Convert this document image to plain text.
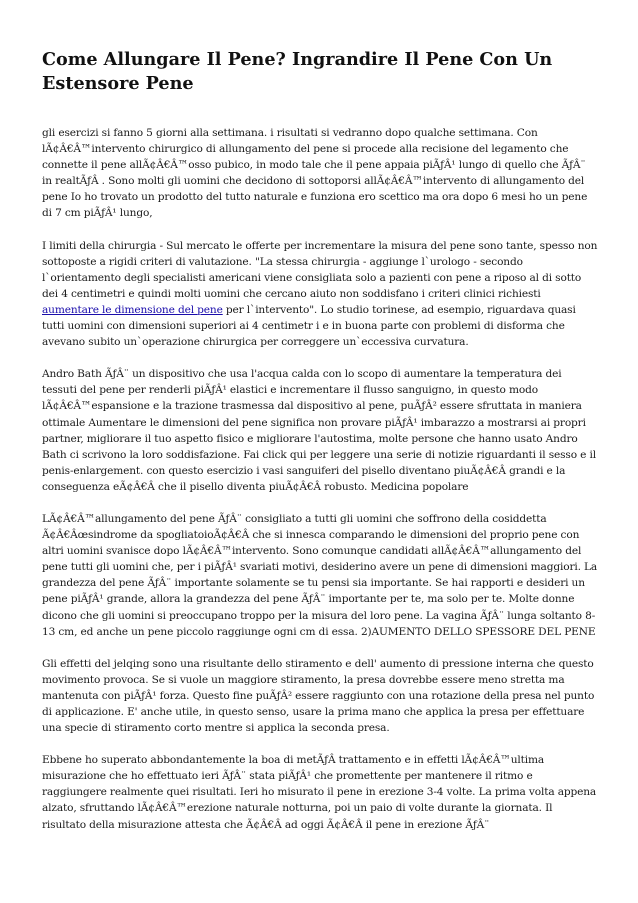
Come Allungare Il Pene? Ingrandire Il Pene Con Un Estensore Pene

gli esercizi si fanno 5 giorni alla settimana. i risultati si vedranno dopo qualche settimana. Con lÃ¢Â€Â™intervento chirurgico di allungamento del pene si procede alla recisione del legamento che connette il pene allÃ¢Â€Â™osso pubico, in modo tale che il pene appaia piÃƒÂ¹ lungo di quello che ÃƒÂ¨ in realtÃƒÂ . Sono molti gli uomini che decidono di sottoporsi allÃ¢Â€Â™intervento di allungamento del pene Io ho trovato un prodotto del tutto naturale e funziona ero scettico ma ora dopo 6 mesi ho un pene di 7 cm piÃƒÂ¹ lungo,

I limiti della chirurgia - Sul mercato le offerte per incrementare la misura del pene sono tante, spesso non sottoposte a rigidi criteri di valutazione. "La stessa chirurgia - aggiunge l`urologo - secondo l`orientamento degli specialisti americani viene consigliata solo a pazienti con pene a riposo al di sotto dei 4 centimetri e quindi molti uomini che cercano aiuto non soddisfano i criteri clinici richiesti aumentare le dimensione del pene per l`intervento". Lo studio torinese, ad esempio, riguardava quasi tutti uomini con dimensioni superiori ai 4 centimetr i e in buona parte con problemi di disforma che avevano subito un`operazione chirurgica per correggere un`eccessiva curvatura.

Andro Bath ÃƒÂ¨ un dispositivo che usa l'acqua calda con lo scopo di aumentare la temperatura dei tessuti del pene per renderli piÃƒÂ¹ elastici e incrementare il flusso sanguigno, in questo modo lÃ¢Â€Â™espansione e la trazione trasmessa dal dispositivo al pene, puÃƒÂ² essere sfruttata in maniera ottimale Aumentare le dimensioni del pene significa non provare piÃƒÂ¹ imbarazzo a mostrarsi ai propri partner, migliorare il tuo aspetto fisico e migliorare l'autostima, molte persone che hanno usato Andro Bath ci scrivono la loro soddisfazione. Fai click qui per leggere una serie di notizie riguardanti il sesso e il penis-enlargement. con questo esercizio i vasi sanguiferi del pisello diventano piuÃ¢Â€Â grandi e la conseguenza eÃ¢Â€Â che il pisello diventa piuÃ¢Â€Â robusto. Medicina popolare

LÃ¢Â€Â™allungamento del pene ÃƒÂ¨ consigliato a tutti gli uomini che soffrono della cosiddetta Ã¢Â€Âœsindrome da spogliatoioÃ¢Â€Â che si innesca comparando le dimensioni del proprio pene con altri uomini svanisce dopo lÃ¢Â€Â™intervento. Sono comunque candidati allÃ¢Â€Â™allungamento del pene tutti gli uomini che, per i piÃƒÂ¹ svariati motivi, desiderino avere un pene di dimensioni maggiori. La grandezza del pene ÃƒÂ¨ importante solamente se tu pensi sia importante. Se hai rapporti e desideri un pene piÃƒÂ¹ grande, allora la grandezza del pene ÃƒÂ¨ importante per te, ma solo per te. Molte donne dicono che gli uomini si preoccupano troppo per la misura del loro pene. La vagina ÃƒÂ¨ lunga soltanto 8-13 cm, ed anche un pene piccolo raggiunge ogni cm di essa. 2)AUMENTO DELLO SPESSORE DEL PENE

Gli effetti del jelqing sono una risultante dello stiramento e dell' aumento di pressione interna che questo movimento provoca. Se si vuole un maggiore stiramento, la presa dovrebbe essere meno stretta ma mantenuta con piÃƒÂ¹ forza. Questo fine puÃƒÂ² essere raggiunto con una rotazione della presa nel punto di applicazione. E' anche utile, in questo senso, usare la prima mano che applica la presa per effettuare una specie di stiramento corto mentre si applica la seconda presa.

Ebbene ho superato abbondantemente la boa di metÃƒÂ trattamento e in effetti lÃ¢Â€Â™ultima misurazione che ho effettuato ieri ÃƒÂ¨ stata piÃƒÂ¹ che promettente per mantenere il ritmo e raggiungere realmente quei risultati. Ieri ho misurato il pene in erezione 3-4 volte. La prima volta appena alzato, sfruttando lÃ¢Â€Â™erezione naturale notturna, poi un paio di volte durante la giornata. Il risultato della misurazione attesta che Ã¢Â€Â ad oggi Ã¢Â€Â il pene in erezione ÃƒÂ¨
